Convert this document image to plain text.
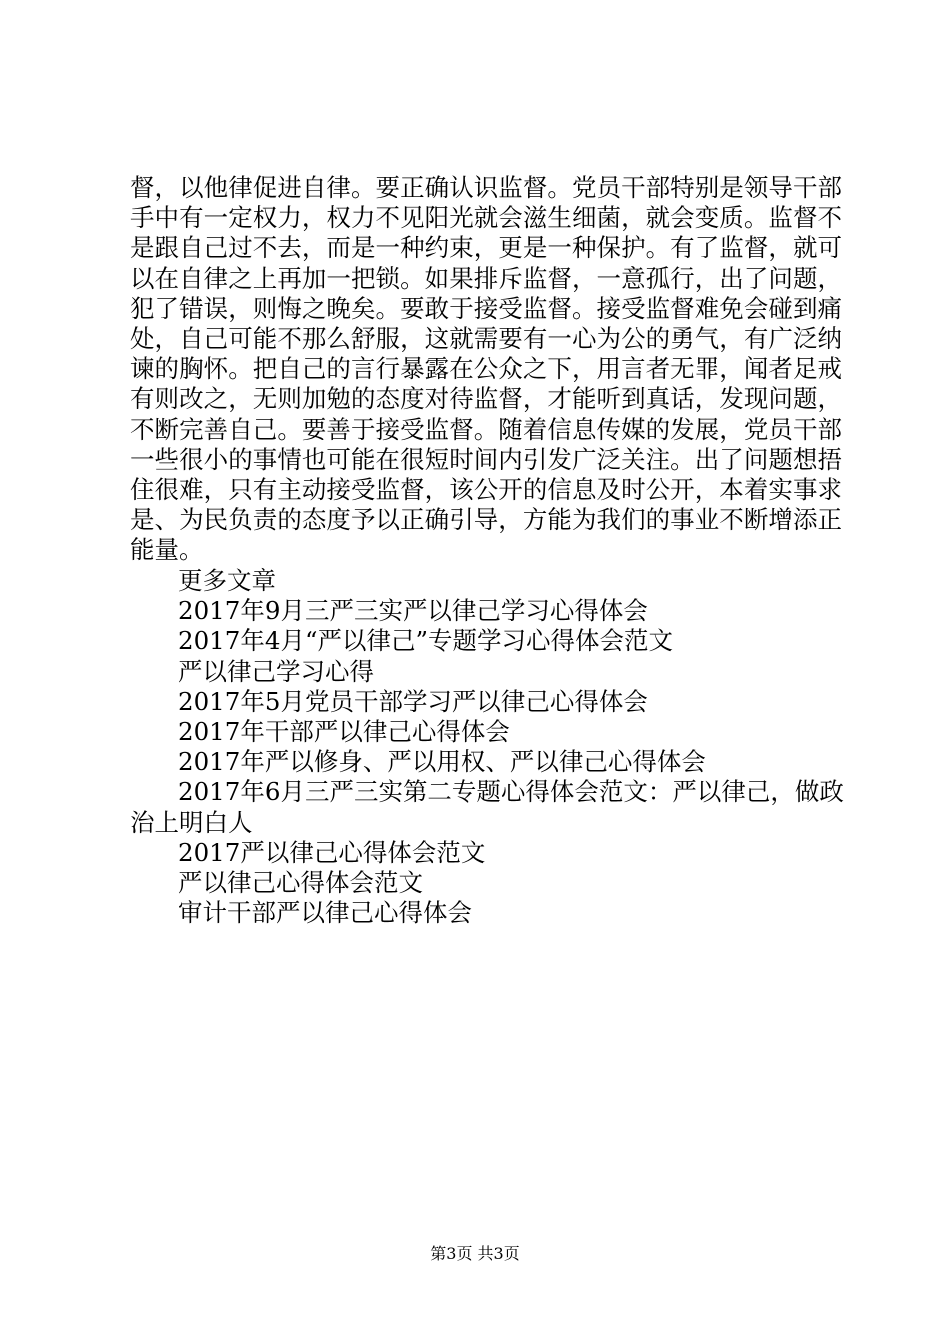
督，以他律促进自律。要正确认识监督。党员干部特别是领导干部手中有一定权力，权力不见阳光就会滋生细菌，就会变质。监督不是跟自己过不去，而是一种约束，更是一种保护。有了监督，就可以在自律之上再加一把锁。如果排斥监督，一意孤行，出了问题，犯了错误，则悔之晚矣。要敢于接受监督。接受监督难免会碰到痛处，自己可能不那么舒服，这就需要有一心为公的勇气，有广泛纳谏的胸怀。把自己的言行暴露在公众之下，用言者无罪，闻者足戒有则改之，无则加勉的态度对待监督，才能听到真话，发现问题，不断完善自己。要善于接受监督。随着信息传媒的发展，党员干部一些很小的事情也可能在很短时间内引发广泛关注。出了问题想捂住很难，只有主动接受监督，该公开的信息及时公开，本着实事求是、为民负责的态度予以正确引导，方能为我们的事业不断增添正能量。

更多文章
2017年9月三严三实严以律己学习心得体会
2017年4月“严以律己”专题学习心得体会范文
严以律己学习心得
2017年5月党员干部学习严以律己心得体会
2017年干部严以律己心得体会
2017年严以修身、严以用权、严以律己心得体会
2017年6月三严三实第二专题心得体会范文：严以律己，做政治上明白人
2017严以律己心得体会范文
严以律己心得体会范文
审计干部严以律己心得体会
第3页 共3页
